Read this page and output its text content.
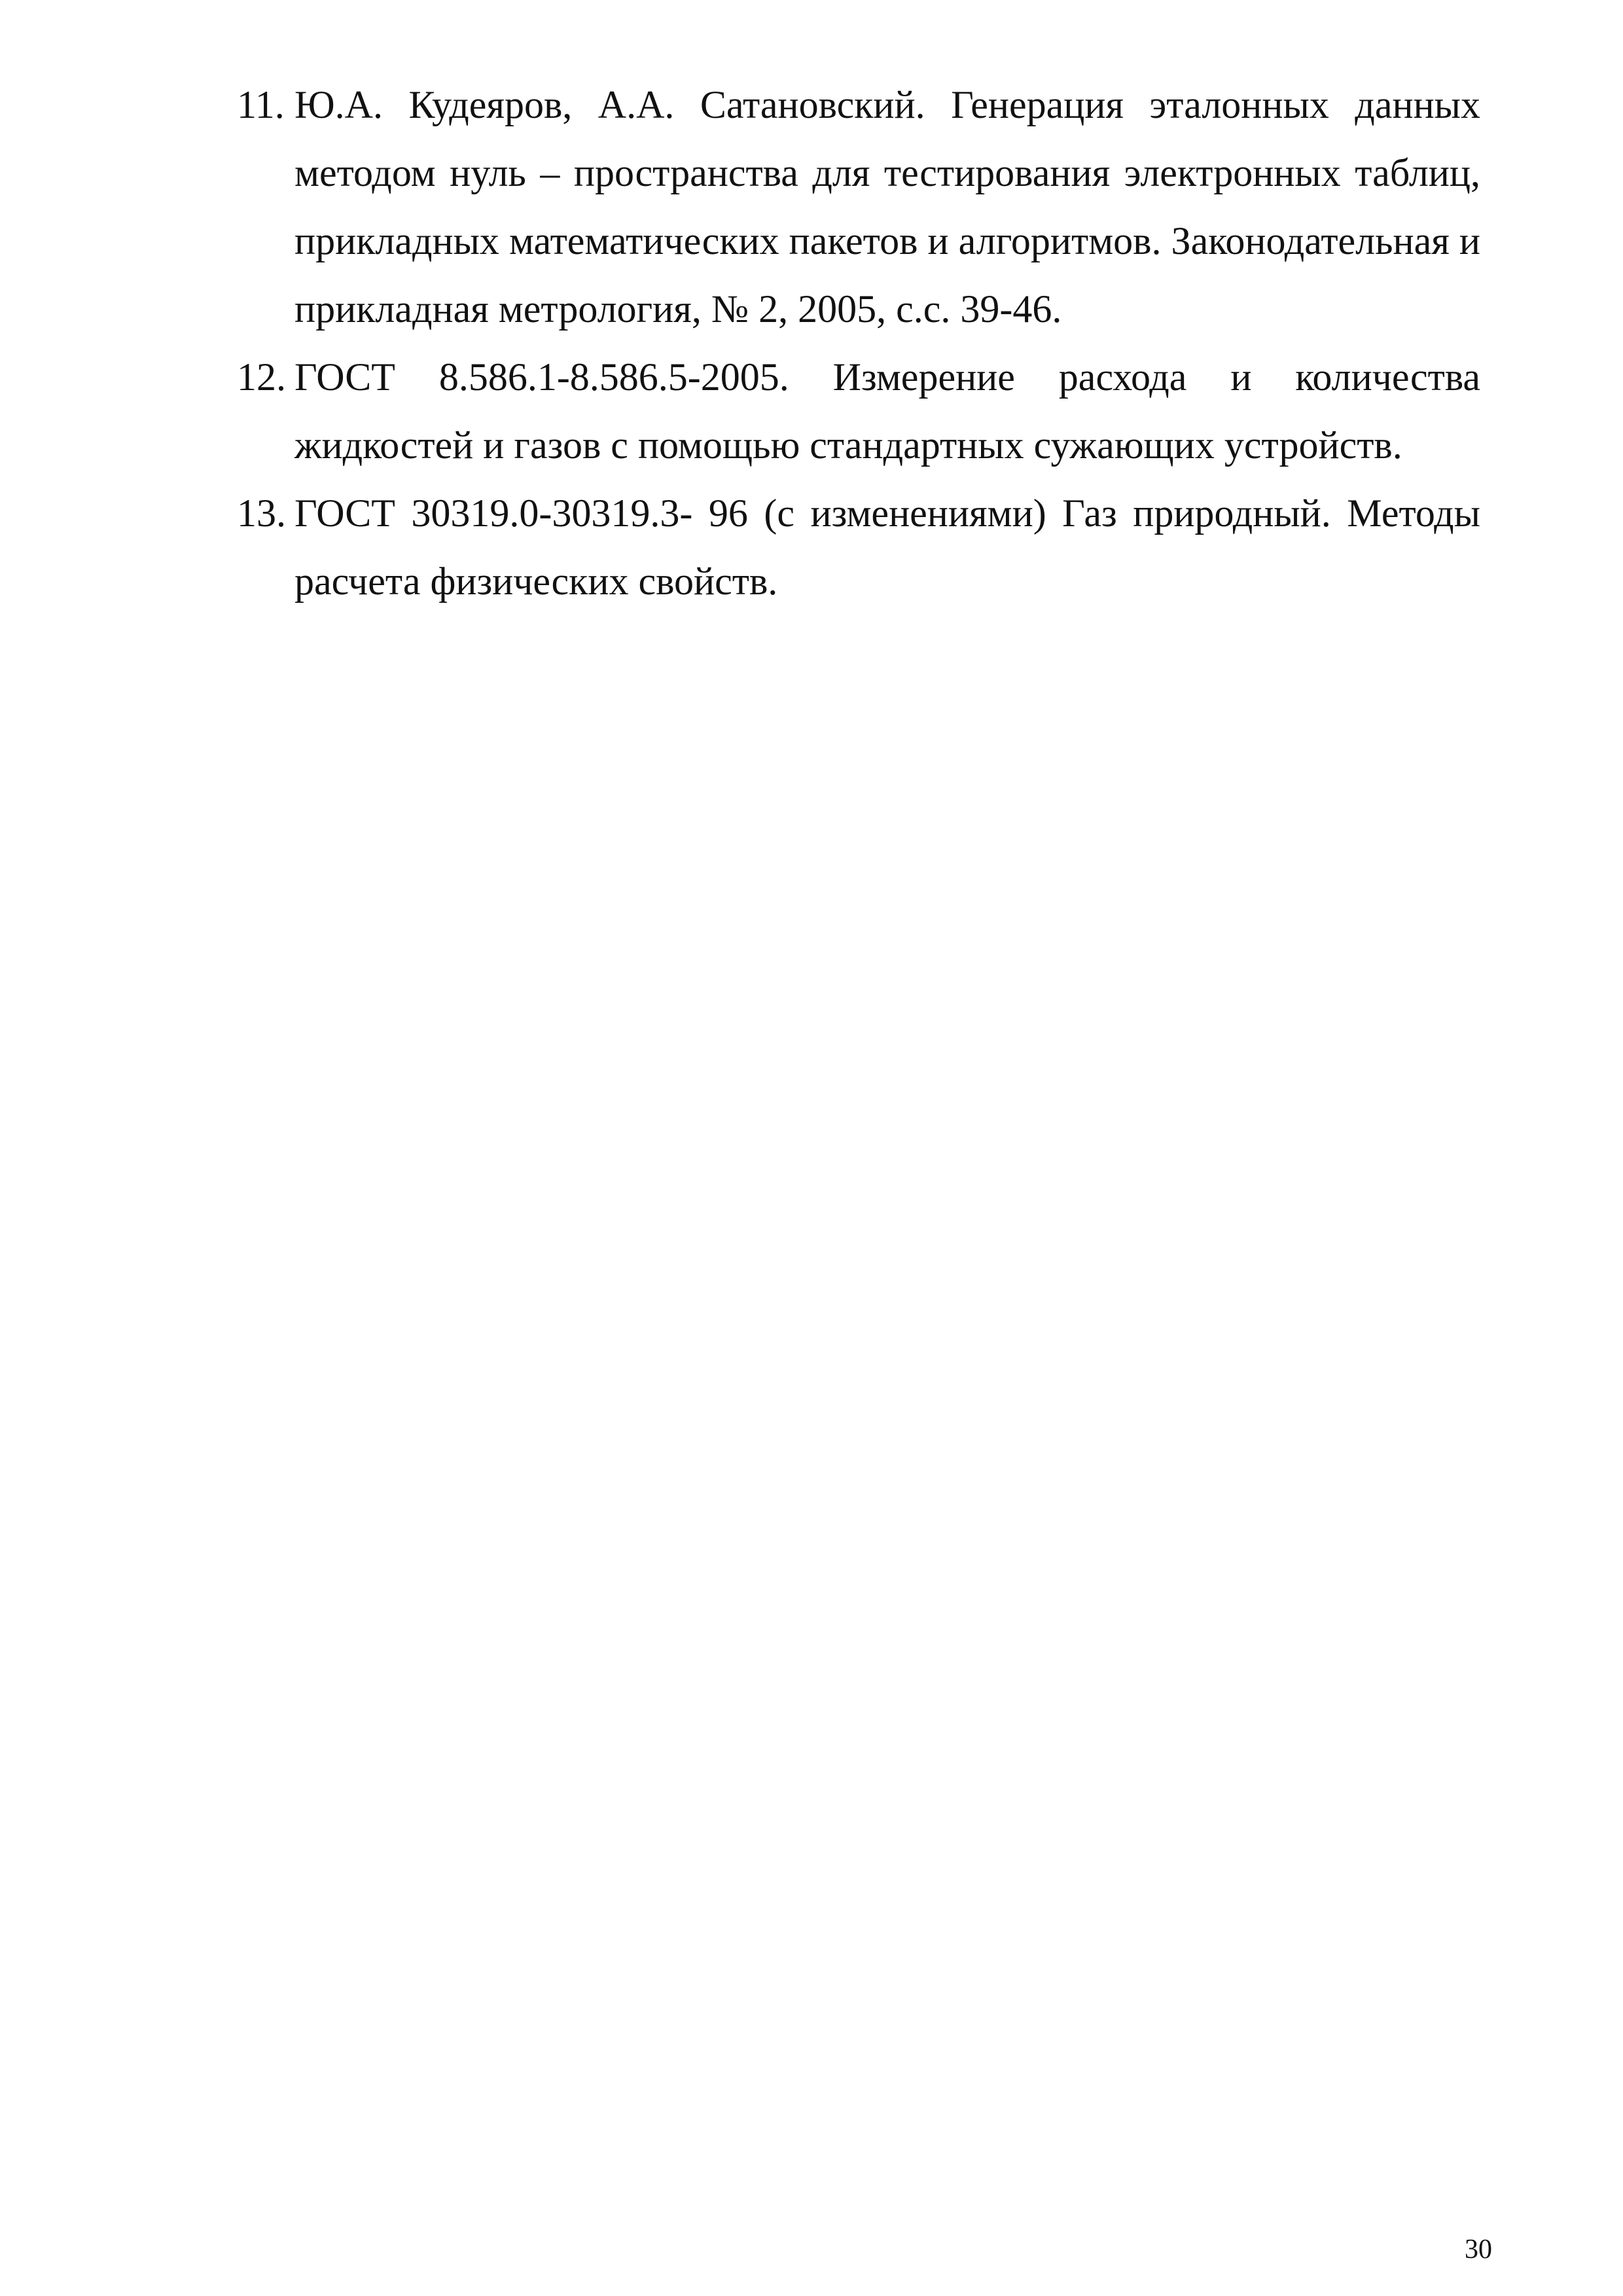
11. Ю.А. Кудеяров, А.А. Сатановский. Генерация эталонных данных методом нуль – пространства для тестирования электронных таблиц, прикладных математических пакетов и алгоритмов. Законодательная и прикладная метрология, № 2, 2005, с.с. 39-46.
12. ГОСТ 8.586.1-8.586.5-2005. Измерение расхода и количества жидкостей и газов с помощью стандартных сужающих устройств.
13. ГОСТ 30319.0-30319.3- 96 (с изменениями) Газ природный. Методы расчета физических свойств.
30
